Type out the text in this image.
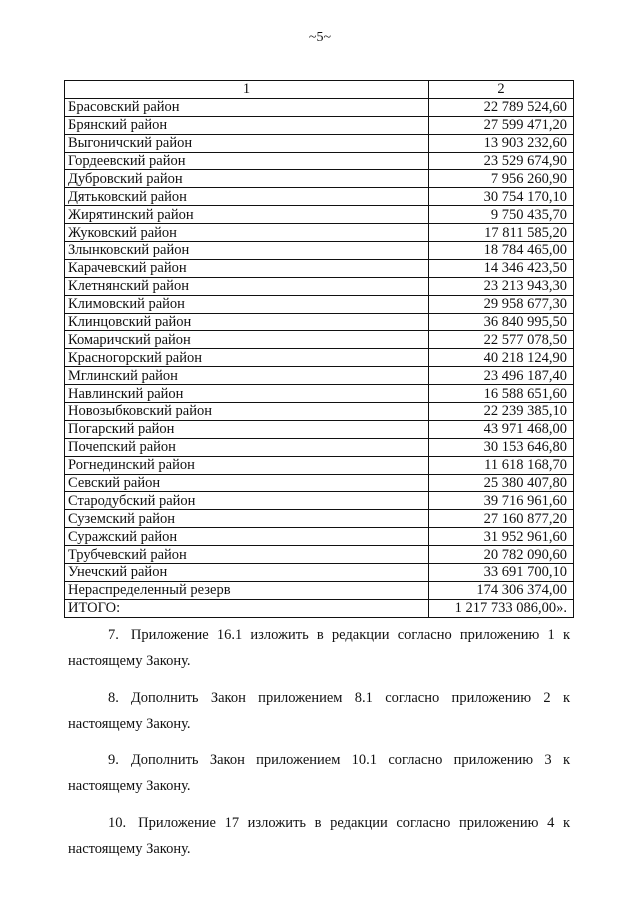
~5~
1	2
Брасовский район	22 789 524,60
Брянский район	27 599 471,20
Выгоничский район	13 903 232,60
Гордеевский район	23 529 674,90
Дубровский район	7 956 260,90
Дятьковский район	30 754 170,10
Жирятинский район	9 750 435,70
Жуковский район	17 811 585,20
Злынковский район	18 784 465,00
Карачевский район	14 346 423,50
Клетнянский район	23 213 943,30
Климовский район	29 958 677,30
Клинцовский район	36 840 995,50
Комаричский район	22 577 078,50
Красногорский район	40 218 124,90
Мглинский район	23 496 187,40
Навлинский район	16 588 651,60
Новозыбковский район	22 239 385,10
Погарский район	43 971 468,00
Почепский район	30 153 646,80
Рогнединский район	11 618 168,70
Севский район	25 380 407,80
Стародубский район	39 716 961,60
Суземский район	27 160 877,20
Суражский район	31 952 961,60
Трубчевский район	20 782 090,60
Унечский район	33 691 700,10
Нераспределенный резерв	174 306 374,00
ИТОГО:	1 217 733 086,00».
7. Приложение 16.1 изложить в редакции согласно приложению 1 к
настоящему Закону.
8. Дополнить Закон приложением 8.1 согласно приложению 2 к
настоящему Закону.
9. Дополнить Закон приложением 10.1 согласно приложению 3 к
настоящему Закону.
10. Приложение 17 изложить в редакции согласно приложению 4 к
настоящему Закону.
